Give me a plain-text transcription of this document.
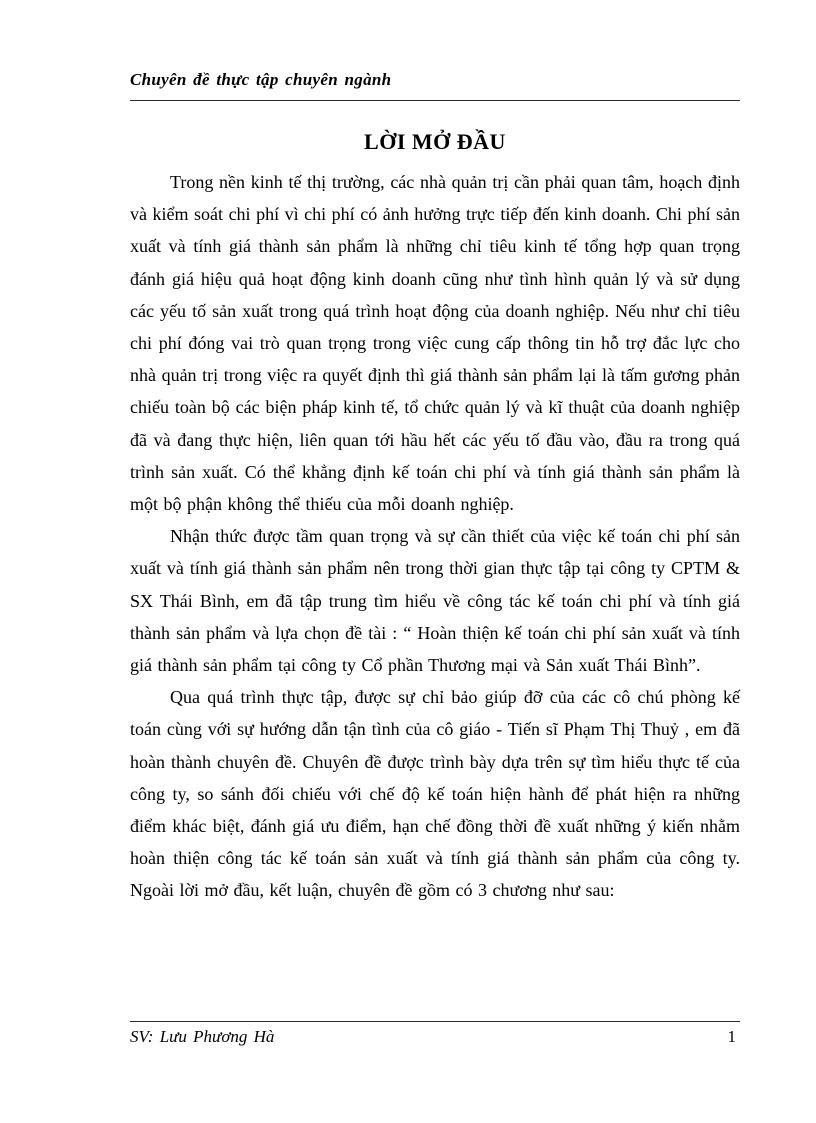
Chuyên đề thực tập chuyên ngành
LỜI MỞ ĐẦU

Trong nền kinh tế thị trường, các nhà quản trị cần phải quan tâm, hoạch định và kiểm soát chi phí vì chi phí có ảnh hưởng trực tiếp đến kinh doanh. Chi phí sản xuất và tính giá thành sản phẩm là những chỉ tiêu kinh tế tổng hợp quan trọng đánh giá hiệu quả hoạt động kinh doanh cũng như tình hình quản lý và sử dụng các yếu tố sản xuất trong quá trình hoạt động của doanh nghiệp. Nếu như chỉ tiêu chi phí đóng vai trò quan trọng trong việc cung cấp thông tin hỗ trợ đắc lực cho nhà quản trị trong việc ra quyết định thì giá thành sản phẩm lại là tấm gương phản chiếu toàn bộ các biện pháp kinh tế, tổ chức quản lý và kĩ thuật của doanh nghiệp đã và đang thực hiện, liên quan tới hầu hết các yếu tố đầu vào, đầu ra trong quá trình sản xuất. Có thể khẳng định kế toán chi phí và tính giá thành sản phẩm là một bộ phận không thể thiếu của mỗi doanh nghiệp.

Nhận thức được tầm quan trọng và sự cần thiết của việc kế toán chi phí sản xuất và tính giá thành sản phẩm nên trong thời gian thực tập tại công ty CPTM & SX Thái Bình, em đã tập trung tìm hiểu về công tác kế toán chi phí và tính giá thành sản phẩm và lựa chọn đề tài : “ Hoàn thiện kế toán chi phí sản xuất và tính giá thành sản phẩm tại công ty Cổ phần Thương mại và Sản xuất Thái Bình”.

Qua quá trình thực tập, được sự chỉ bảo giúp đỡ của các cô chú phòng kế toán cùng với sự hướng dẫn tận tình của cô giáo - Tiến sĩ Phạm Thị Thuỷ , em đã hoàn thành chuyên đề. Chuyên đề được trình bày dựa trên sự tìm hiểu thực tế của công ty, so sánh đối chiếu với chế độ kế toán hiện hành để phát hiện ra những điểm khác biệt, đánh giá ưu điểm, hạn chế đồng thời đề xuất những ý kiến nhằm hoàn thiện công tác kế toán sản xuất và tính giá thành sản phẩm của công ty. Ngoài lời mở đầu, kết luận, chuyên đề gồm có 3 chương như sau:

SV: Lưu Phương Hà	1
